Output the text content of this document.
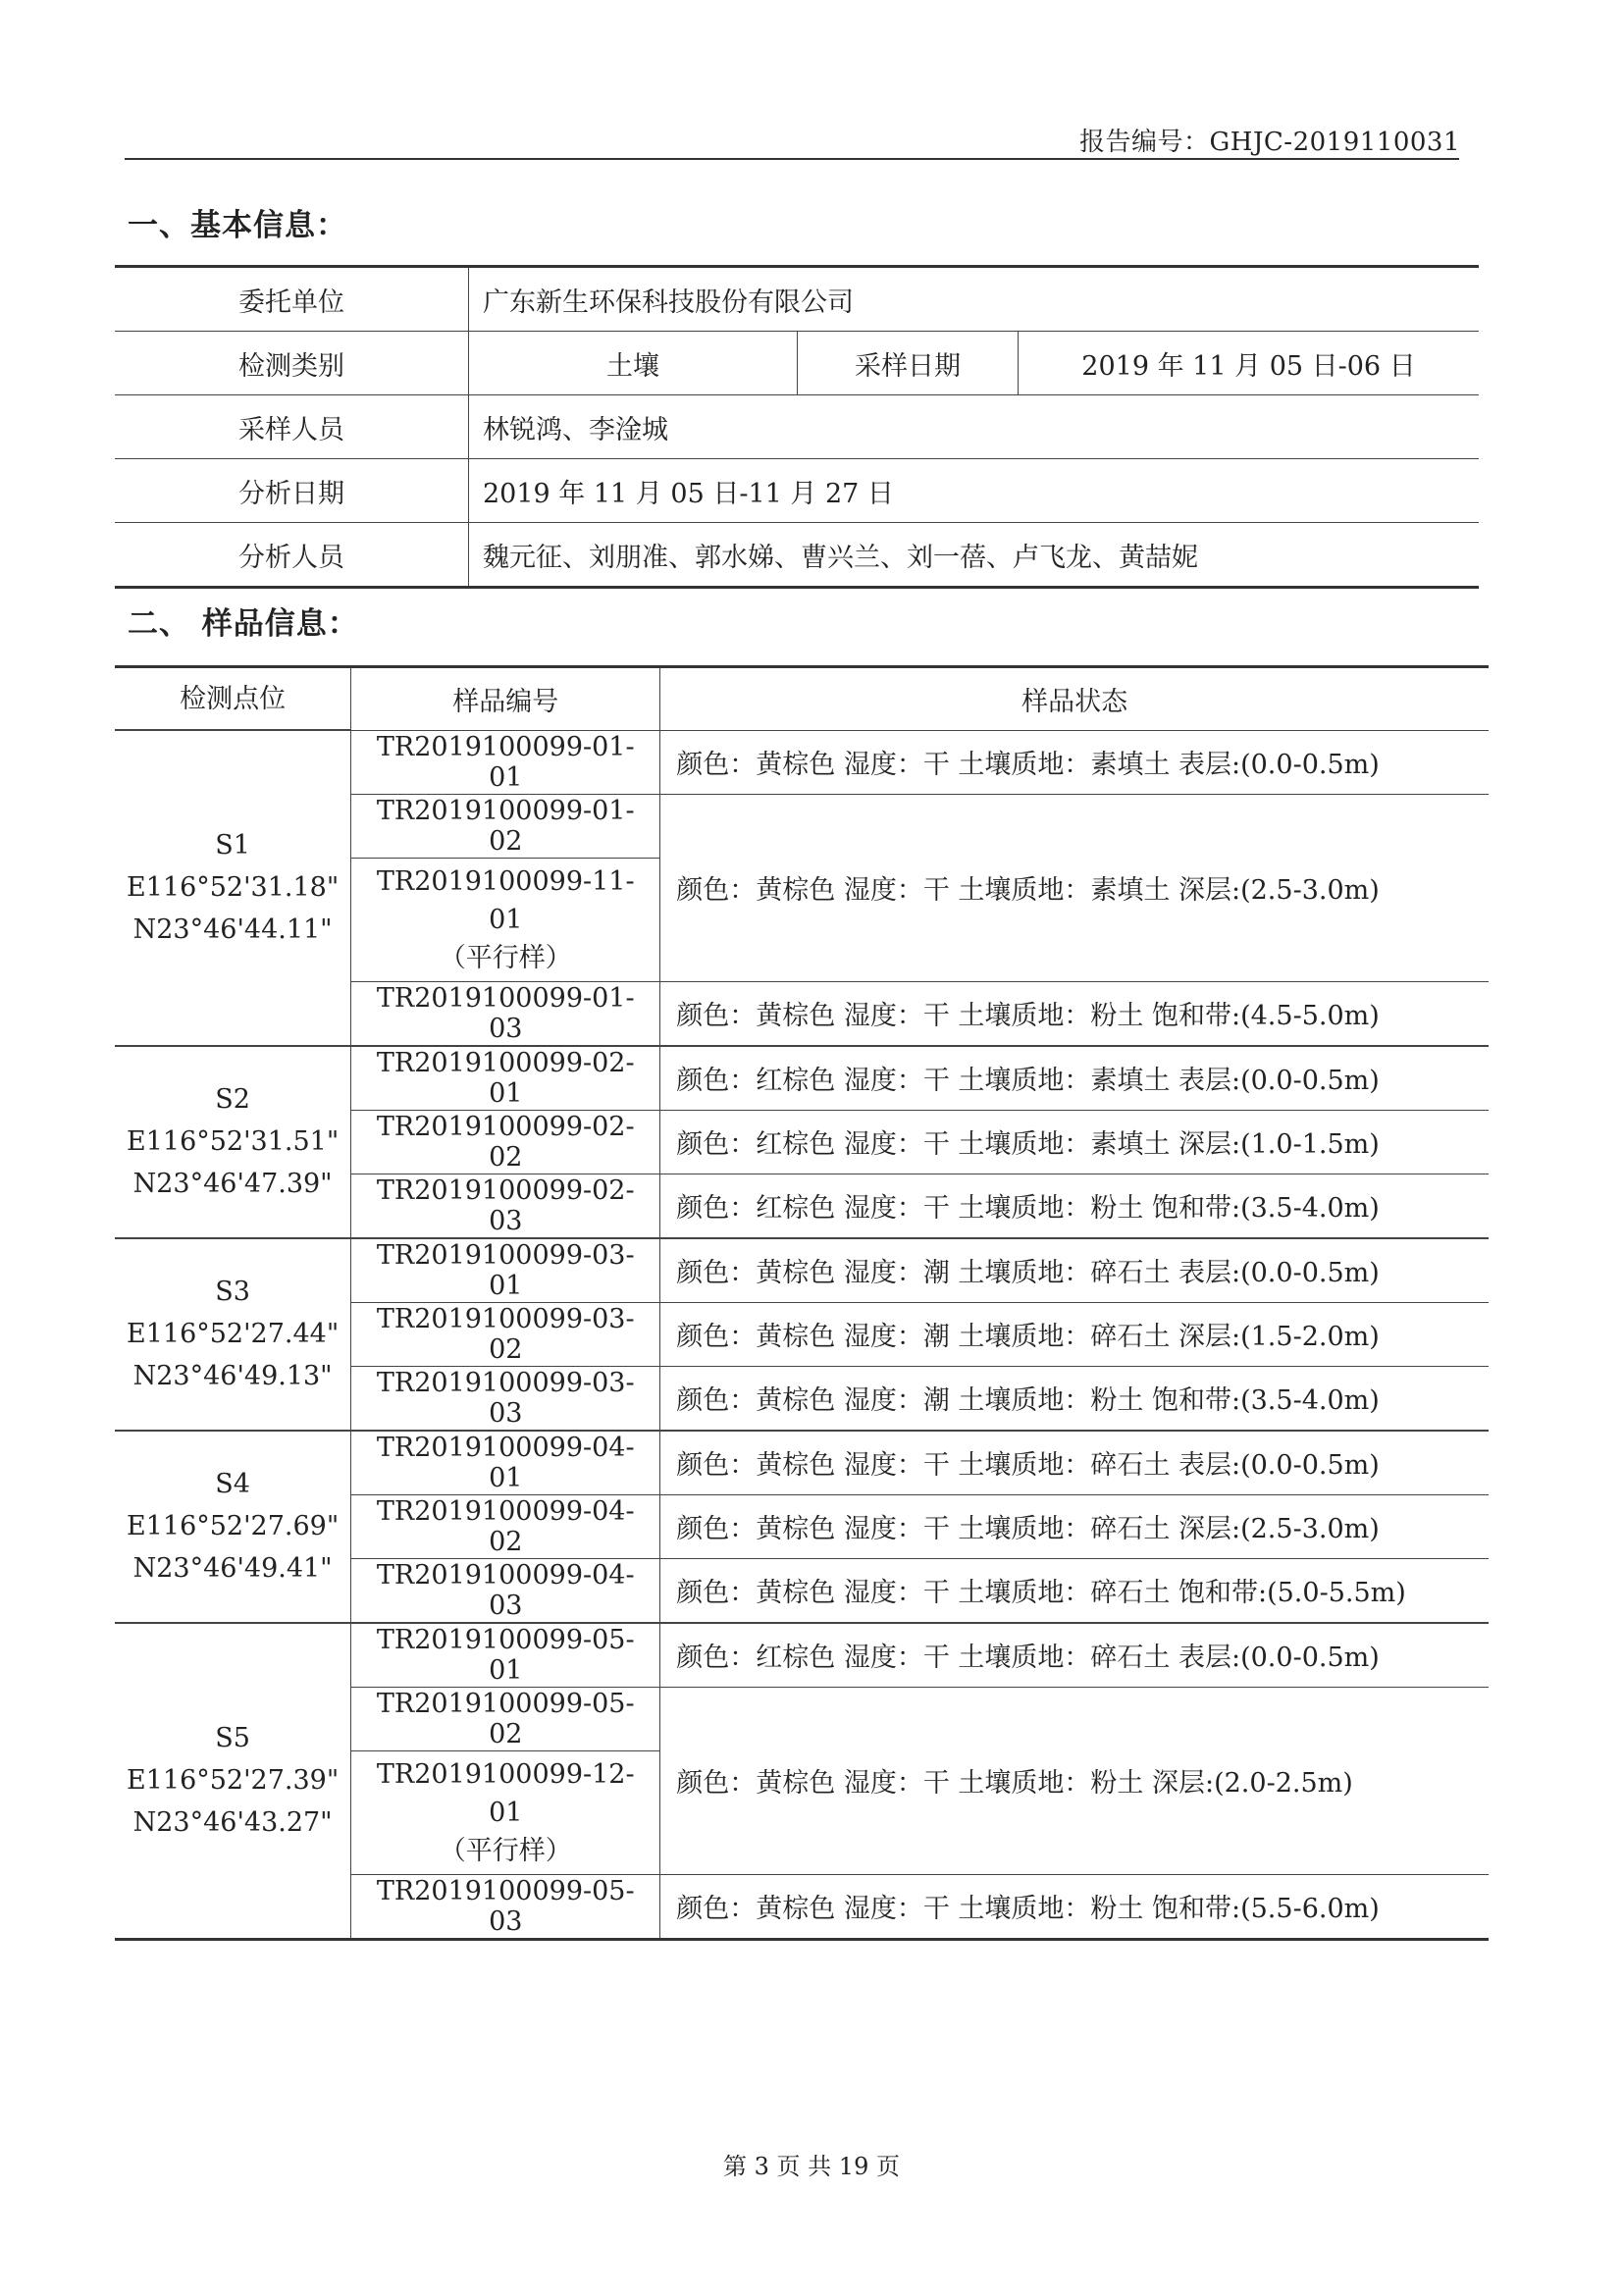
报告编号：GHJC-2019110031
一、基本信息：
委托单位	广东新生环保科技股份有限公司		
检测类别	土壤	采样日期	2019 年 11 月 05 日-06 日
采样人员	林锐鸿、李淦城		
分析日期	2019 年 11 月 05 日-11 月 27 日		
分析人员	魏元征、刘朋准、郭水娣、曹兴兰、刘一蓓、卢飞龙、黄喆妮		
二、 样品信息：
检测点位	样品编号	样品状态

S1
E116°52'31.18"
N23°46'44.11"	TR2019100099-01-01	颜色：黄棕色 湿度：干 土壤质地：素填土 表层:(0.0-0.5m)
	TR2019100099-01-02	颜色：黄棕色 湿度：干 土壤质地：素填土 深层:(2.5-3.0m)

	TR2019100099-11-01
（平行样）	

	TR2019100099-01-03	颜色：黄棕色 湿度：干 土壤质地：粉土 饱和带:(4.5-5.0m)

S2
E116°52'31.51"
N23°46'47.39"	TR2019100099-02-01	颜色：红棕色 湿度：干 土壤质地：素填土 表层:(0.0-0.5m)
	TR2019100099-02-02	颜色：红棕色 湿度：干 土壤质地：素填土 深层:(1.0-1.5m)
	TR2019100099-02-03	颜色：红棕色 湿度：干 土壤质地：粉土 饱和带:(3.5-4.0m)

S3
E116°52'27.44"
N23°46'49.13"	TR2019100099-03-01	颜色：黄棕色 湿度：潮 土壤质地：碎石土 表层:(0.0-0.5m)
	TR2019100099-03-02	颜色：黄棕色 湿度：潮 土壤质地：碎石土 深层:(1.5-2.0m)
	TR2019100099-03-03	颜色：黄棕色 湿度：潮 土壤质地：粉土 饱和带:(3.5-4.0m)

S4
E116°52'27.69"
N23°46'49.41"	TR2019100099-04-01	颜色：黄棕色 湿度：干 土壤质地：碎石土 表层:(0.0-0.5m)
	TR2019100099-04-02	颜色：黄棕色 湿度：干 土壤质地：碎石土 深层:(2.5-3.0m)
	TR2019100099-04-03	颜色：黄棕色 湿度：干 土壤质地：碎石土 饱和带:(5.0-5.5m)

S5
E116°52'27.39"
N23°46'43.27"	TR2019100099-05-01	颜色：红棕色 湿度：干 土壤质地：碎石土 表层:(0.0-0.5m)
	TR2019100099-05-02	颜色：黄棕色 湿度：干 土壤质地：粉土 深层:(2.0-2.5m)

	TR2019100099-12-01
（平行样）	

	TR2019100099-05-03	颜色：黄棕色 湿度：干 土壤质地：粉土 饱和带:(5.5-6.0m)
第 3 页 共 19 页
